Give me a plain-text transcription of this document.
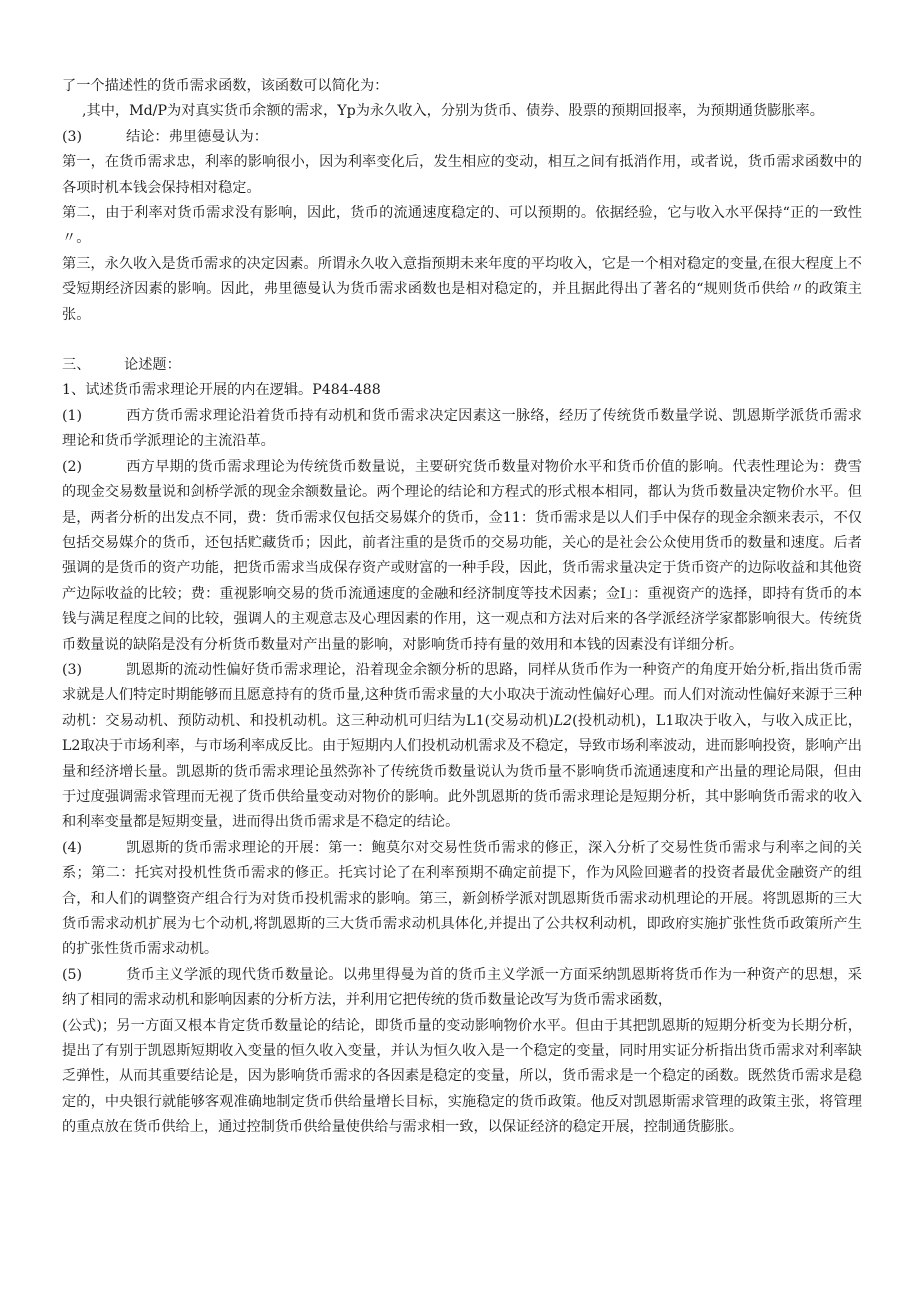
了一个描述性的货币需求函数，该函数可以简化为：

,其中，Md/P为对真实货币余额的需求，Yp为永久收入，分别为货币、债券、股票的预期回报率，为预期通货膨胀率。

(3)	结论：弗里德曼认为：

第一，在货币需求忠，利率的影响很小，因为利率变化后，发生相应的变动，相互之间有抵消作用，或者说，货币需求函数中的各项时机本钱会保持相对稳定。

第二，由于利率对货币需求没有影响，因此，货币的流通速度稳定的、可以预期的。依据经验，它与收入水平保持“正的一致性〃。

第三，永久收入是货币需求的决定因素。所谓永久收入意指预期未来年度的平均收入，它是一个相对稳定的变量,在很大程度上不受短期经济因素的影响。因此，弗里德曼认为货币需求函数也是相对稳定的，并且据此得出了著名的“规则货币供给〃的政策主张。

三、 论述题：

1、试述货币需求理论开展的内在逻辑。P484-488

(1)	西方货币需求理论沿着货币持有动机和货币需求决定因素这一脉络，经历了传统货币数量学说、凯恩斯学派货币需求理论和货币学派理论的主流沿革。

(2)	西方早期的货币需求理论为传统货币数量说，主要研究货币数量对物价水平和货币价值的影响。代表性理论为：费雪的现金交易数量说和剑桥学派的现金余额数量论。两个理论的结论和方程式的形式根本相同，都认为货币数量决定物价水平。但是，两者分析的出发点不同，费：货币需求仅包括交易媒介的货币，佥11：货币需求是以人们手中保存的现金余额来表示，不仅包括交易媒介的货币，还包括贮藏货币；因此，前者注重的是货币的交易功能，关心的是社会公众使用货币的数量和速度。后者强调的是货币的资产功能，把货币需求当成保存资产或财富的一种手段，因此，货币需求量决定于货币资产的边际收益和其他资产边际收益的比较；费：重视影响交易的货币流通速度的金融和经济制度等技术因素；佥I」：重视资产的选择，即持有货币的本钱与满足程度之间的比较，强调人的主观意志及心理因素的作用，这一观点和方法对后来的各学派经济学家都影响很大。传统货币数量说的缺陷是没有分析货币数量对产出量的影响，对影响货币持有量的效用和本钱的因素没有详细分析。

(3)	凯恩斯的流动性偏好货币需求理论，沿着现金余额分析的思路，同样从货币作为一种资产的角度开始分析,指出货币需求就是人们特定时期能够而且愿意持有的货币量,这种货币需求量的大小取决于流动性偏好心理。而人们对流动性偏好来源于三种动机：交易动机、预防动机、和投机动机。这三种动机可归结为L1(交易动机)L2(投机动机)，L1取决于收入，与收入成正比，L2取决于市场利率，与市场利率成反比。由于短期内人们投机动机需求及不稳定，导致市场利率波动，进而影响投资，影响产出量和经济增长量。凯恩斯的货币需求理论虽然弥补了传统货币数量说认为货币量不影响货币流通速度和产出量的理论局限，但由于过度强调需求管理而无视了货币供给量变动对物价的影响。此外凯恩斯的货币需求理论是短期分析，其中影响货币需求的收入和利率变量都是短期变量，进而得出货币需求是不稳定的结论。

(4)	凯恩斯的货币需求理论的开展：第一：鲍莫尔对交易性货币需求的修正，深入分析了交易性货币需求与利率之间的关系；第二：托宾对投机性货币需求的修正。托宾讨论了在利率预期不确定前提下，作为风险回避者的投资者最优金融资产的组合，和人们的调整资产组合行为对货币投机需求的影响。第三，新剑桥学派对凯恩斯货币需求动机理论的开展。将凯恩斯的三大货币需求动机扩展为七个动机,将凯恩斯的三大货币需求动机具体化,并提出了公共权利动机，即政府实施扩张性货币政策所产生的扩张性货币需求动机。

(5)	货币主义学派的现代货币数量论。以弗里得曼为首的货币主义学派一方面采纳凯恩斯将货币作为一种资产的思想，采纳了相同的需求动机和影响因素的分析方法，并利用它把传统的货币数量论改写为货币需求函数，

(公式)；另一方面又根本肯定货币数量论的结论，即货币量的变动影响物价水平。但由于其把凯恩斯的短期分析变为长期分析，提出了有别于凯恩斯短期收入变量的恒久收入变量，并认为恒久收入是一个稳定的变量，同时用实证分析指出货币需求对利率缺乏弹性，从而其重要结论是，因为影响货币需求的各因素是稳定的变量，所以，货币需求是一个稳定的函数。既然货币需求是稳定的，中央银行就能够客观准确地制定货币供给量增长目标，实施稳定的货币政策。他反对凯恩斯需求管理的政策主张，将管理的重点放在货币供给上，通过控制货币供给量使供给与需求相一致，以保证经济的稳定开展，控制通货膨胀。
